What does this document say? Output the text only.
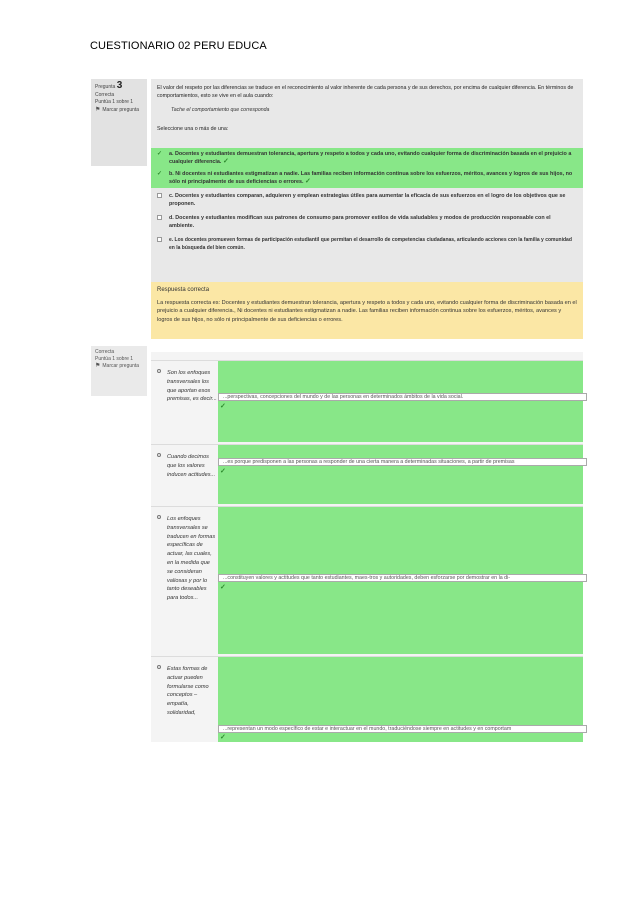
CUESTIONARIO 02 PERU EDUCA
Pregunta 3
Correcta
Puntúa 1 sobre 1
⚑ Marcar pregunta
El valor del respeto por las diferencias se traduce en el reconocimiento al valor inherente de cada persona y de sus derechos, por encima de cualquier diferencia. En términos de comportamientos, esto se vive en el aula cuando:
Tache el comportamiento que corresponda
Seleccione una o más de una:
✓ a. Docentes y estudiantes demuestran tolerancia, apertura y respeto a todos y cada uno, evitando cualquier forma de discriminación basada en el prejuicio a cualquier diferencia. ✓
✓ b. Ni docentes ni estudiantes estigmatizan a nadie. Las familias reciben información continua sobre los esfuerzos, méritos, avances y logros de sus hijos, no sólo ni principalmente de sus deficiencias o errores. ✓
c. Docentes y estudiantes comparan, adquieren y emplean estrategias útiles para aumentar la eficacia de sus esfuerzos en el logro de los objetivos que se proponen.
d. Docentes y estudiantes modifican sus patrones de consumo para promover estilos de vida saludables y modos de producción responsable con el ambiente.
e. Los docentes promueven formas de participación estudiantil que permitan el desarrollo de competencias ciudadanas, articulando acciones con la familia y comunidad en la búsqueda del bien común.
Respuesta correcta
La respuesta correcta es: Docentes y estudiantes demuestran tolerancia, apertura y respeto a todos y cada uno, evitando cualquier forma de discriminación basada en el prejuicio a cualquier diferencia., Ni docentes ni estudiantes estigmatizan a nadie. Las familias reciben información continua sobre los esfuerzos, méritos, avances y logros de sus hijos, no sólo ni principalmente de sus deficiencias o errores.
Correcta
Puntúa 1 sobre 1
⚑ Marcar pregunta
Son los enfoques transversales los que aportan esos premisas, es decir...	...perspectivas, concepciones del mundo y de las personas en determinados ámbitos de la vida social.
✓
Cuando decimos que los valores inducen actitudes...
...es porque predisponen a las personas a responder de una cierta manera a determinadas situaciones, a partir de premisas
✓
Los enfoques transversales se traducen en formas específicas de actuar, las cuales, en la medida que se consideran valiosas y por lo tanto deseables para todos...
...constituyen valores y actitudes que tanto estudiantes, maes-tros y autoridades, deben esforzarse por demostrar en la di-
✓
Estas formas de actuar pueden formularse como conceptos – empatía, solidaridad,
...representan un modo específico de estar e interactuar en el mundo, traduciéndose siempre en actitudes y en comportam
✓
